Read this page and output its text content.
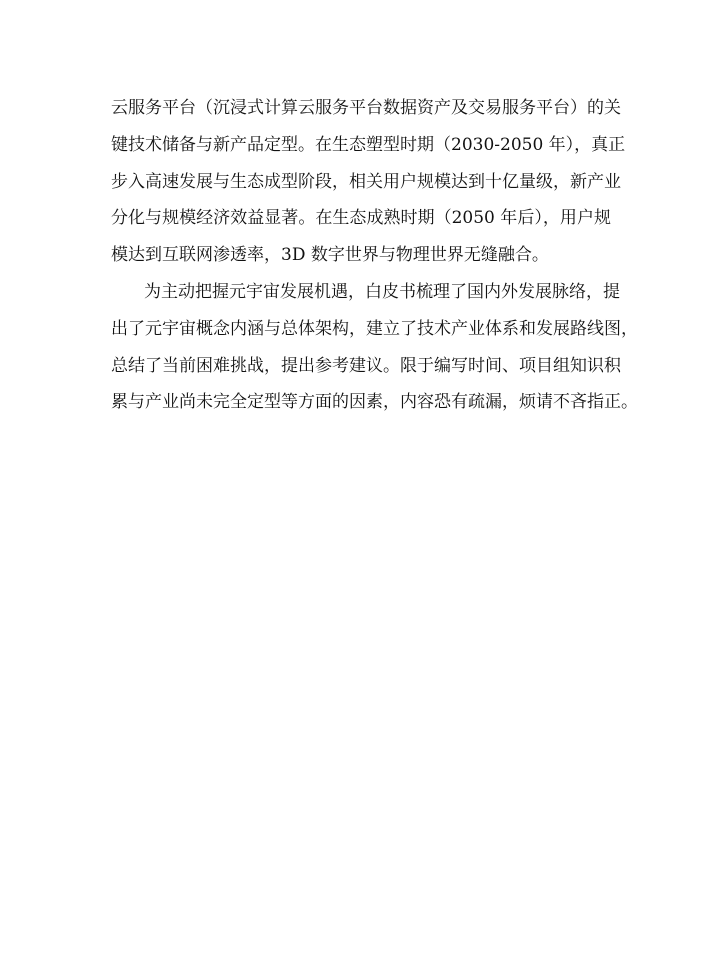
云服务平台（沉浸式计算云服务平台数据资产及交易服务平台）的关
键技术储备与新产品定型。在生态塑型时期（2030-2050 年），真正
步入高速发展与生态成型阶段，相关用户规模达到十亿量级，新产业
分化与规模经济效益显著。在生态成熟时期（2050 年后），用户规
模达到互联网渗透率，3D 数字世界与物理世界无缝融合。
为主动把握元宇宙发展机遇，白皮书梳理了国内外发展脉络，提
出了元宇宙概念内涵与总体架构，建立了技术产业体系和发展路线图，
总结了当前困难挑战，提出参考建议。限于编写时间、项目组知识积
累与产业尚未完全定型等方面的因素，内容恐有疏漏，烦请不吝指正。
